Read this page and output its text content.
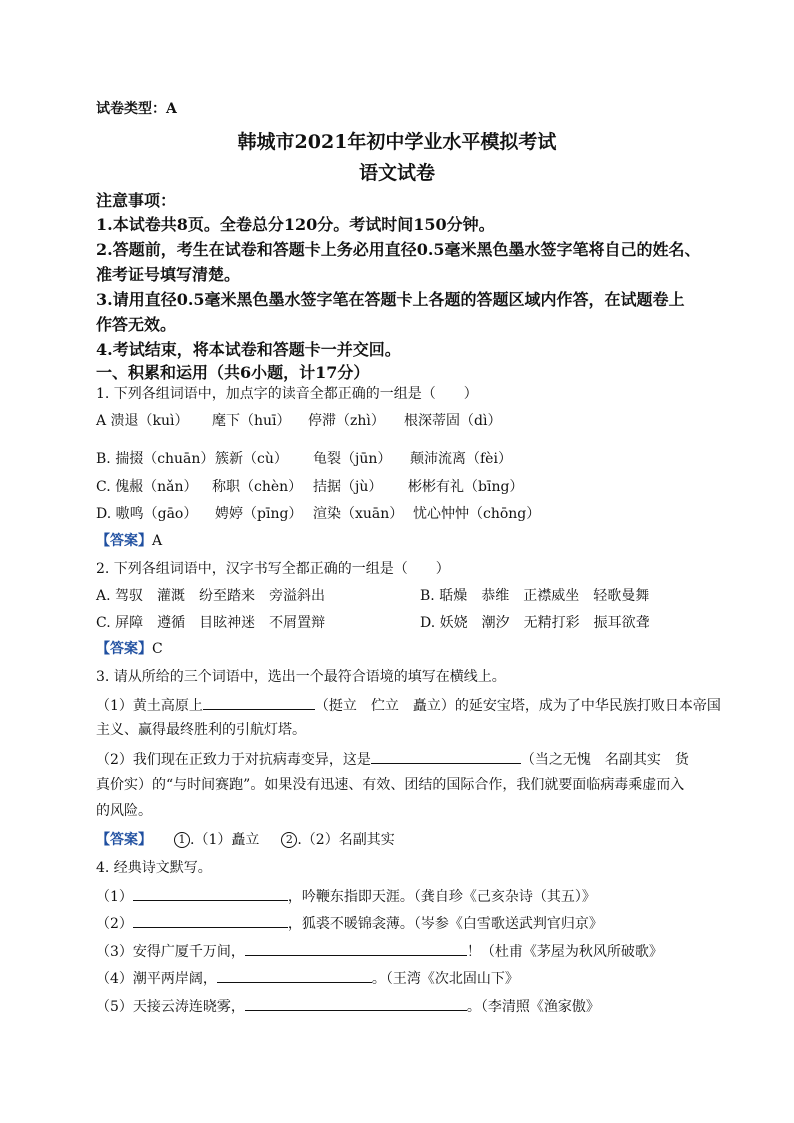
试卷类型：A
韩城市2021年初中学业水平模拟考试
语文试卷
注意事项：
1.本试卷共8页。全卷总分120分。考试时间150分钟。
2.答题前，考生在试卷和答题卡上务必用直径0.5毫米黑色墨水签字笔将自己的姓名、
准考证号填写清楚。
3.请用直径0.5毫米黑色墨水签字笔在答题卡上各题的答题区域内作答，在试题卷上
作答无效。
4.考试结束，将本试卷和答题卡一并交回。
一、积累和运用（共6小题，计17分）
1. 下列各组词语中，加点字的读音全都正确的一组是（　　）
A 溃退（kuì） 麾下（huī） 停滞（zhì） 根深蒂固（dì）
B. 揣掇（chuān） 簇新（cù） 龟裂（jūn） 颠沛流离（fèi）
C. 傀赧（nǎn） 称职（chèn） 拮据（jù） 彬彬有礼（bīng）
D. 嗷鸣（gāo） 娉婷（pīng） 渲染（xuān） 忧心忡忡（chōng）
【答案】A
2. 下列各组词语中，汉字书写全都正确的一组是（　　）
A. 驾驭　灌溉　纷至踏来　旁溢斜出	B. 聒燥　恭维　正襟威坐　轻歌曼舞
C. 屏障　遵循　目眩神迷　不屑置辩	D. 妖娆　潮汐　无精打彩　振耳欲聋
【答案】C
3. 请从所给的三个词语中，选出一个最符合语境的填写在横线上。
（1）黄土高原上	（挺立　伫立　矗立）的延安宝塔，成为了中华民族打败日本帝国
主义、赢得最终胜利的引航灯塔。
（2）我们现在正致力于对抗病毒变异，这是	（当之无愧　名副其实　货
真价实）的“与时间赛跑”。如果没有迅速、有效、团结的国际合作，我们就要面临病毒乘虚而入
的风险。
【答案】 1 .（1）矗立 2 .（2）名副其实
4. 经典诗文默写。
（1）	，吟鞭东指即天涯。（龚自珍《己亥杂诗（其五）》
（2）	，狐裘不暖锦衾薄。（岑参《白雪歌送武判官归京》
（3）安得广厦千万间，	！（杜甫《茅屋为秋风所破歌》
（4）潮平两岸阔，	。（王湾《次北固山下》
（5）天接云涛连晓雾，	。（李清照《渔家傲》
